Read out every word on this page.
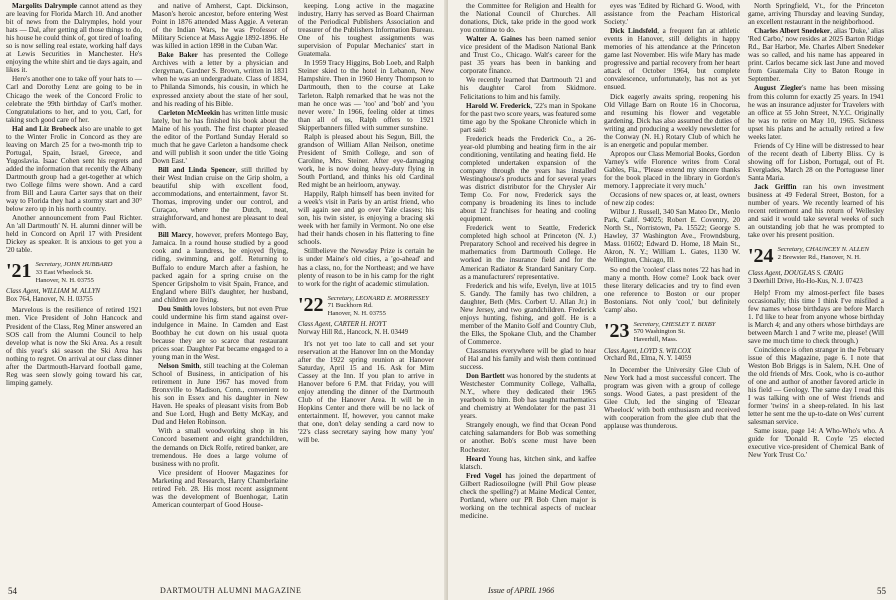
Margolits Dalrymple cannot attend as they are leaving for Florida March 10. And another bit of news from the Dalrymples, hold your hats — Dal, after getting all those things to do, his house he could think of, got tired of loafing so is now selling real estate, working half days at Lewis Securities in Manchester. He's enjoying the white shirt and tie days again, and likes it.

Here's another one to take off your hats to — Carl and Dorothy Lenz are going to be in Chicago the week of the Concord Frolic to celebrate the 99th birthday of Carl's mother. Congratulations to her, and to you, Carl, for taking such good care of her.

Hal and Liz Brobeck also are unable to get to the Winter Frolic in Concord as they are leaving on March 25 for a two-month trip to Portugal, Spain, Israel, Greece, and Yugoslavia. Isaac Cohen sent his regrets and added the information that recently the Albany Dartmouth group had a get-together at which two College films were shown. And a card from Bill and Laura Carter says that on their way to Florida they had a stormy start and 30° below zero up in his north country.

Another announcement from Paul Richter. An 'all Dartmouth' N. H. alumni dinner will be held in Concord on April 17 with President Dickey as speaker. It is anxious to get you a '20 table.

'21 Secretary, JOHN HUBBARD
33 East Wheelock St.
Hanover, N. H. 03755
Class Agent, WILLIAM M. ALLYN
Box 764, Hanover, N. H. 03755

Marvelous is the resilience of retired 1921 men. Vice President of John Hancock and President of the Class, Reg Miner answered an SOS call from the Alumni Council to help develop what is now the Ski Area. As a result of this year's ski season the Ski Area has nothing to regret. On arrival at our class dinner after the Dartmouth-Harvard football game, Reg was seen slowly going toward his car, limping gamely.

and native of Amherst, Capt. Dickinson, Mason's heroic ancestor, before entering West Point in 1876 attended Mass Aggie. A veteran of the Indian Wars, he was Professor of Military Science at Mass Aggie 1892-1896. He was killed in action 1898 in the Cuban War.

Bake Baker has presented the College Archives with a letter by a physician and clergyman, Gardner S. Brown, written in 1831 when he was an undergraduate. Class of 1834, to Philanda Simonds, his cousin, in which he expressed anxiety about the state of her soul, and his reading of his Bible.

Carleton McMeekin has written little music lately, but he has finished his book about the Maine of his youth. The first chapter pleased the editor of the Portland Sunday Herald so much that he gave Carleton a handsome check and will publish it soon under the title 'Going Down East.'

Bill and Linda Spencer, still thrilled by their West Indian cruise on the Grip sholm, a beautiful ship with excellent food, accommodations, and entertainment, favor St. Thomas, improving under our control, and Curaçao, where the Dutch, neat, straightforward, and honest are pleasant to deal with.

Bill Marcy, however, prefers Montego Bay, Jamaica. In a round house studied by a good cook and a laundress, he enjoyed flying, riding, swimming, and golf. Returning to Buffalo to endure March after a fashion, he packed again for a spring cruise on the Spencer Gripsholm to visit Spain, France, and England where Bill's daughter, her husband, and children are living.

Dou Smith loves lobsters, but not even Prue could undermine his firm stand against over-indulgence in Maine. In Camden and East Boothbay he cut down on his usual quota because they are so scarce that restaurant prices soar. Daughter Pat became engaged to a young man in the West.

Nelson Smith, still teaching at the Coleman School of Business, in anticipation of his retirement in June 1967 has moved from Bronxville to Madison, Conn., convenient to his son in Essex and his daughter in New Haven. He speaks of pleasant visits from Bob and Sue Lord, Hugh and Betty McKay, and Dud and Helen Robinson.

With a small woodworking shop in his Concord basement and eight grandchildren, the demands on Dick Rolfe, retired banker, are tremendous. He does a large volume of business with no profit.

Vice president of Hoover Magazines for Marketing and Research, Harry Chamberlaine retired Feb. 28. His most recent assignment was the development of Buenhogar, Latin American counterpart of Good House-

keeping. Long active in the magazine industry, Harry has served as Board Chairman of the Periodical Publishers Association and treasurer of the Publishers Information Bureau. One of his toughest assignments was supervision of Popular Mechanics' start in Guatemala.

In 1959 Tracy Higgins, Bob Loeb, and Ralph Steiner skied to the hotel in Lebanon, New Hampshire. Then in 1960 Henry Thompson to Dartmouth, then to the course at Lake Tarleton. Ralph remarked that he was not the man he once was — 'too' and 'bob' and 'you never were.' In 1966, feeling older at times than all of us, Ralph offers to 1921 Skipperbanners filled with summer sunshine.

Ralph is pleased about his Segun, Bill, the grandson of William Allan Neilson, onetime President of Smith College, and son of Caroline, Mrs. Steiner. After eye-damaging work, he is now doing heavy-duty flying in South Portland, and thinks his old Cardinal Red might be an heirloom, anyway.

Happily, Ralph himself has been invited for a week's visit in Paris by an artist friend, who will again see and go over Yale classes; his son, his twin sister, is enjoying a bracing ski week with her family in Vermont. No one else had their hands chosen in his flattering to fine schools.

Stillbelieve the Newsday Prize is certain he is under Maine's old cities, a 'go-ahead' and has a class, no, for the Northeast; and we have plenty of reason to be in his camp for the right to work for the right of academic stimulation.

'22 Secretary, LEONARD E. MORRISSEY
71 Buckhorn Rd.
Hanover, N. H. 03755
Class Agent, CARTER H. HOYT
Norway Hill Rd., Hancock, N. H. 03449

It's not yet too late to call and set your reservation at the Hanover Inn on the Monday after the 1922 spring reunion at Hanover Saturday, April 15 and 16. Ask for Mim Cassey at the Inn. If you plan to arrive in Hanover before 6 P.M. that Friday, you will enjoy attending the dinner of the Dartmouth Club of the Hanover Area. It will be in Hopkins Center and there will be no lack of entertainment. If, however, you cannot make that one, don't delay sending a card now to '22's class secretary saying how many 'you' will be.

54	DARTMOUTH ALUMNI MAGAZINE

the Committee for Religion and Health for the National Council of Churches. All donations, Dick, take pride in the good work you continue to do.

Walter A. Gaines has been named senior vice president of the Madison National Bank and Trust Co., Chicago. Walt's career for the past 35 years has been in banking and corporate finance.

We recently learned that Dartmouth '21 and his daughter Carol from Skidmore. Felicitations to him and his family.

Harold W. Frederick, '22's man in Spokane for the past two score years, was featured some time ago by the Spokane Chronicle which in part said:

Frederick heads the Frederick Co., a 26-year-old plumbing and heating firm in the air conditioning, ventilating and heating field. He completed undertaken expansion of the company through the years has installed Westinghouse's products and for several years was district distributor for the Chrysler Air Temp Co. For now, Frederick says the company is broadening its lines to include about 12 franchises for heating and cooling equipment.

Frederick went to Seattle, Frederick completed high school at Princeton (N. J.) Preparatory School and received his degree in mathematics from Dartmouth College. He worked in the insurance field and for the American Radiator & Standard Sanitary Corp. as a manufacturers' representative.

Frederick and his wife, Evelyn, live at 1015 S. Gandy. The family has two children, a daughter, Beth (Mrs. Corbert U. Allan Jr.) in New Jersey, and two grandchildren. Frederick enjoys hunting, fishing, and golf. He is a member of the Manito Golf and Country Club, the Elks, the Spokane Club, and the Chamber of Commerce.

Classmates everywhere will be glad to hear of Hal and his family and wish them continued success.

Don Bartlett was honored by the students at Westchester Community College, Valhalla, N.Y., where they dedicated their 1965 yearbook to him. Bob has taught mathematics and chemistry at Wendolater for the past 31 years.

Strangely enough, we find that Ocean Pond catching salamanders for Bob was something or another. Bob's scene must have been Rochester.

Heard Young has, kitchen sink, and kaffee klatsch.

Fred Vogel has joined the department of Gilbert Radiosoilogne (will Phil Gow please check the spelling?) at Maine Medical Center, Portland, where our PR Bob Chen major is working on the technical aspects of nuclear medicine.

eyes was 'Edited by Richard G. Wood, with assistance from the Peacham Historical Society.'

Dick Lindsfeld, a frequent fan at athletic events in Hanover, still delights in happy memories of his attendance at the Princeton game last November. His wife Mary has made progressive and partial recovery from her heart attack of October 1964, but complete convalescence, unfortunately, has not as yet ensued.

Dick eagerly awaits spring, reopening his Old Village Barn on Route 16 in Chocorua, and resuming his flower and vegetable gardening. Dick has also assumed the duties of writing and producing a weekly newsletter for the Conway (N. H.) Rotary Club of which he is an energetic and popular member.

Apropos our Class Memorial Books, Gordon Varney's wife Florence writes from Coral Gables, Fla., 'Please extend my sincere thanks for the book placed in the library in Gordon's memory. I appreciate it very much.'

Occasions of new spaces or, at least, owners of new zip codes:

Wilbur J. Russell, 340 San Mateo Dr., Menlo Park, Calif. 94025; Robert E. Coventry, 20 North St., Norristown, Pa. 15522; George S. Hawley, 37 Washington Ave., Frowndsburg, Mass. 01602; Edward D. Home, 18 Main St., Akron, N. Y.; William L. Gates, 1130 W. Wellington, Chicago, Ill.

So end the 'coolest' class notes '22 has had in many a month. How come? Look back over these literary delicacies and try to find even one reference to Boston or our proper Bostonians. Not only 'cool,' but definitely 'camp' also.

'23 Secretary, CHESLEY T. BIXBY
570 Washington St.
Haverhill, Mass.
Class Agent, LOYD S. WILCOX
Orchard Rd., Elma, N. Y. 14059

In December the University Glee Club of New York had a most successful concert. The program was given with a group of college songs. Wood Gates, a past president of the Glee Club, led the singing of 'Eleazar Wheelock' with both enthusiasm and received with cooperation from the glee club that the applause was thunderous.

North Springfield, Vt., for the Princeton game, arriving Thursday and leaving Sunday, an excellent restaurant in the neighborhood.

Charles Albert Snedeker, alias 'Duke,' alias 'Red Carbo,' now resides at 2025 Barton Ridge Rd., Bar Harbor, Me. Charles Albert Snedeker was so called, and his name has appeared in print. Carlos became sick last June and moved from Guatemala City to Baton Rouge in September.

August Ziegler's name has been missing from this column for exactly 25 years. In 1941 he was an insurance adjuster for Travelers with an office at 55 John Street, N.Y.C. Originally he was to retire on May 10, 1965. Sickness upset his plans and he actually retired a few weeks later.

Friends of Cy Hine will be distressed to hear of the recent death of Liberty Bliss. Cy is showing off for Lisbon, Portugal, out of Ft. Everglades, March 28 on the Portuguese liner Santa Maria.

Jack Griffin ran his own investment business at 49 Federal Street, Boston, for a number of years. We recently learned of his recent retirement and his return of Wellesley and said it would take several weeks of such an outstanding job that he was prompted to take over his present position.

'24 Secretary, CHAUNCEY N. ALLEN
2 Brewster Rd., Hanover, N. H.
Class Agent, DOUGLAS S. CRAIG
3 Deerhill Drive, Ho-Ho-Kus, N. J. 07423

Help! From my almost-perfect file bases occasionally; this time I think I've misfiled a few names whose birthdays are before March 1. I'd like to hear from anyone whose birthday is March 4; and any others whose birthdays are between March 1 and 7 write me, please! (Will save me much time to check through.)

Coincidence is often stranger in the February issue of this Magazine, page 6. I note that Weston Bob Briggs is in Salem, N.H. One of the old friends of Mrs. Cook, who is co-author of one and author of another favored article in his field — Geology. The same day I read this I was talking with one of West friends and former 'twins' in a sheep-related. In his last letter he sent me the up-to-date on Wes' current salesman service.

Same issue, page 14: A Who-Who's who. A guide for 'Donald R. Coyle '25 elected executive vice-president of Chemical Bank of New York Trust Co.'

Issue of APRIL 1966	55
